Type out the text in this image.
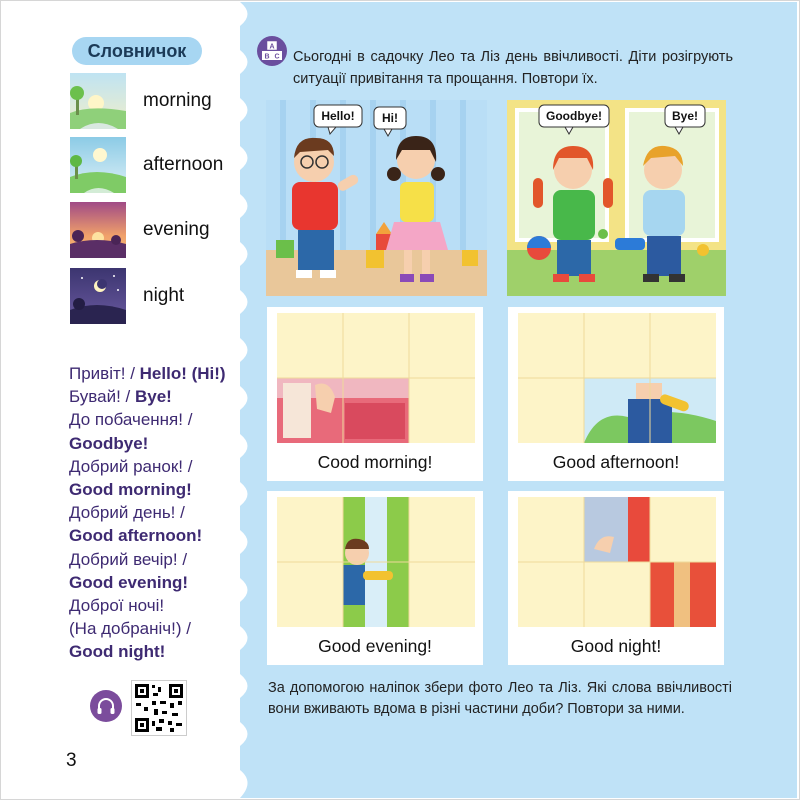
Словничок
morning
afternoon
evening
night
Привіт! / Hello! (Hi!)
Бувай! / Bye!
До побачення! /
Goodbye!
Добрий ранок! /
Good morning!
Добрий день! /
Good afternoon!
Добрий вечір! /
Good evening!
Доброї ночі!
(На добраніч!) /
Good night!
3
A
B C Сьогодні в садочку Лео та Ліз день ввічливості. Діти розігрують ситуації привітання та прощання. Повтори їх.
Hello! Hi!	Goodbye!	Bye!
Cood morning!	Good afternoon!
Good evening!	Good night!
За допомогою наліпок збери фото Лео та Ліз. Які слова ввічливості вони вживають вдома в різні частини доби? Повтори за ними.
